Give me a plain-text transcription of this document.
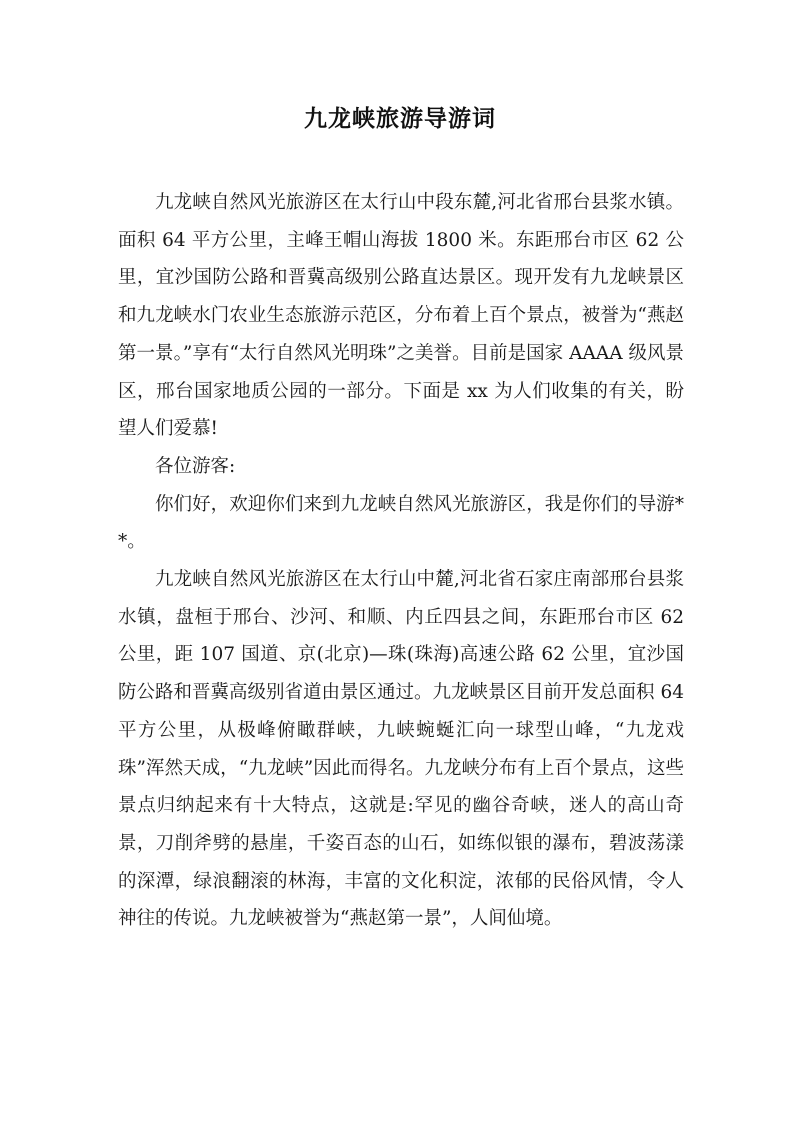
九龙峡旅游导游词

九龙峡自然风光旅游区在太行山中段东麓,河北省邢台县浆水镇。面积 64 平方公里，主峰王帽山海拔 1800 米。东距邢台市区 62 公里，宜沙国防公路和晋冀高级别公路直达景区。现开发有九龙峡景区和九龙峡水门农业生态旅游示范区，分布着上百个景点，被誉为“燕赵第一景。”享有“太行自然风光明珠”之美誉。目前是国家 AAAA 级风景区，邢台国家地质公园的一部分。下面是 xx 为人们收集的有关，盼望人们爱慕!

各位游客:

你们好，欢迎你们来到九龙峡自然风光旅游区，我是你们的导游**。

九龙峡自然风光旅游区在太行山中麓,河北省石家庄南部邢台县浆水镇，盘桓于邢台、沙河、和顺、内丘四县之间，东距邢台市区 62 公里，距 107 国道、京(北京)—珠(珠海)高速公路 62 公里，宜沙国防公路和晋冀高级别省道由景区通过。九龙峡景区目前开发总面积 64 平方公里，从极峰俯瞰群峡，九峡蜿蜒汇向一球型山峰，“九龙戏珠”浑然天成，“九龙峡”因此而得名。九龙峡分布有上百个景点，这些景点归纳起来有十大特点，这就是:罕见的幽谷奇峡，迷人的高山奇景，刀削斧劈的悬崖，千姿百态的山石，如练似银的瀑布，碧波荡漾的深潭，绿浪翻滚的林海，丰富的文化积淀，浓郁的民俗风情，令人神往的传说。九龙峡被誉为“燕赵第一景”，人间仙境。
